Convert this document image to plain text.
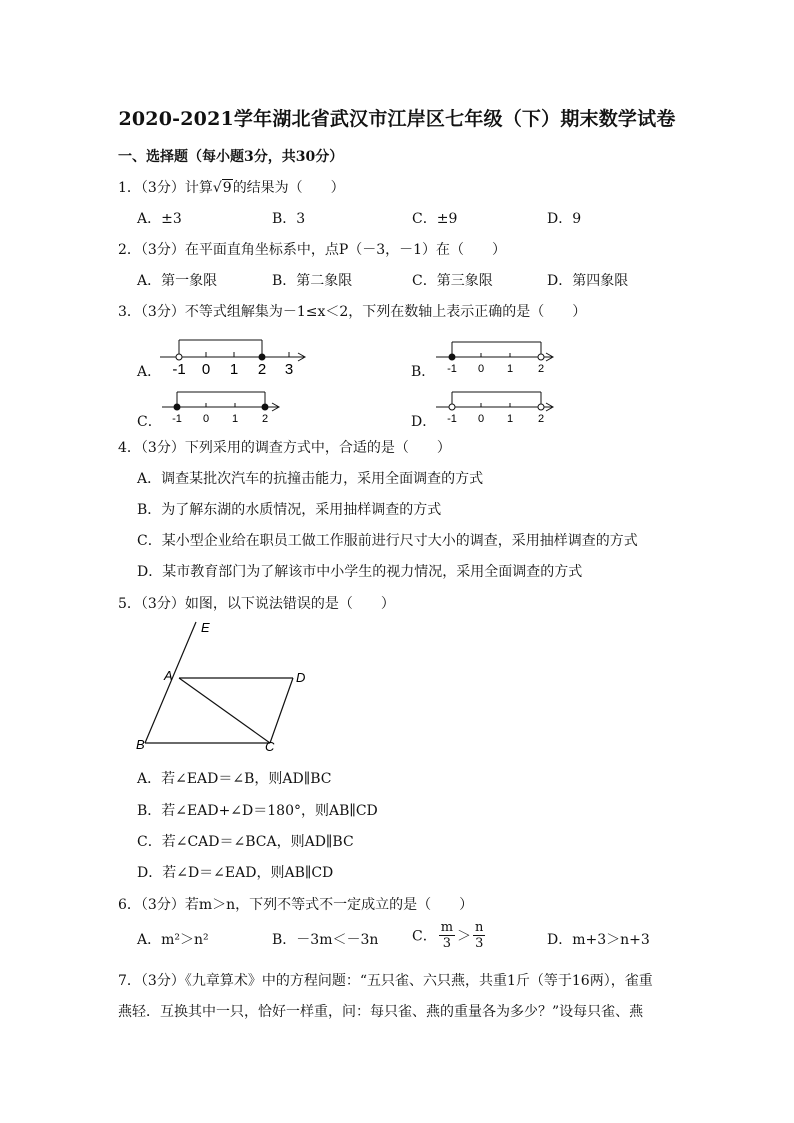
2020-2021学年湖北省武汉市江岸区七年级（下）期末数学试卷
一、选择题（每小题3分，共30分）
1．（3分）计算√9的结果为（　　）
A．±3	B．3	C．±9	D．9
2．（3分）在平面直角坐标系中，点P（－3，－1）在（　　）
A．第一象限	B．第二象限	C．第三象限	D．第四象限
3．（3分）不等式组解集为－1≤x＜2，下列在数轴上表示正确的是（　　）
A． -1 0 1 2 3	B． -1 0 1 2
C． -1 0 1 2	D． -1 0 1 2
4．（3分）下列采用的调查方式中，合适的是（　　）
A．调查某批次汽车的抗撞击能力，采用全面调查的方式
B．为了解东湖的水质情况，采用抽样调查的方式
C．某小型企业给在职员工做工作服前进行尺寸大小的调查，采用抽样调查的方式
D．某市教育部门为了解该市中小学生的视力情况，采用全面调查的方式
5．（3分）如图，以下说法错误的是（　　）
E
A	D
B	C
A．若∠EAD＝∠B，则AD∥BC
B．若∠EAD+∠D＝180°，则AB∥CD
C．若∠CAD＝∠BCA，则AD∥BC
D．若∠D＝∠EAD，则AB∥CD
6．（3分）若m＞n，下列不等式不一定成立的是（　　）
A．m²＞n²	B．－3m＜－3n C． $\frac{m}{3} > \frac{n}{3}$	D．m+3＞n+3
7．（3分）《九章算术》中的方程问题：“五只雀、六只燕，共重1斤（等于16两），雀重
燕轻．互换其中一只，恰好一样重，问：每只雀、燕的重量各为多少？”设每只雀、燕
